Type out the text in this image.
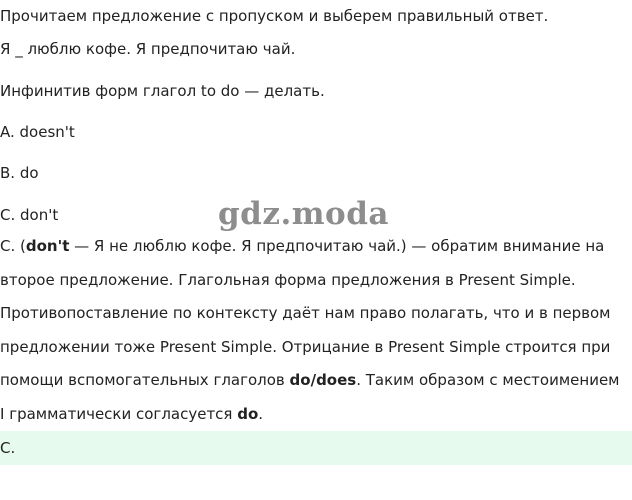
Прочитаем предложение с пропуском и выберем правильный ответ.

Я _ люблю кофе. Я предпочитаю чай.

Инфинитив форм глагол to do — делать.

A. doesn't

B. do

C. don't	gdz.moda

C. (don't — Я не люблю кофе. Я предпочитаю чай.) — обратим внимание на второе предложение. Глагольная форма предложения в Present Simple. Противопоставление по контексту даёт нам право полагать, что и в первом предложении тоже Present Simple. Отрицание в Present Simple строится при помощи вспомогательных глаголов do/does. Таким образом с местоимением I грамматически согласуется do.

C.
